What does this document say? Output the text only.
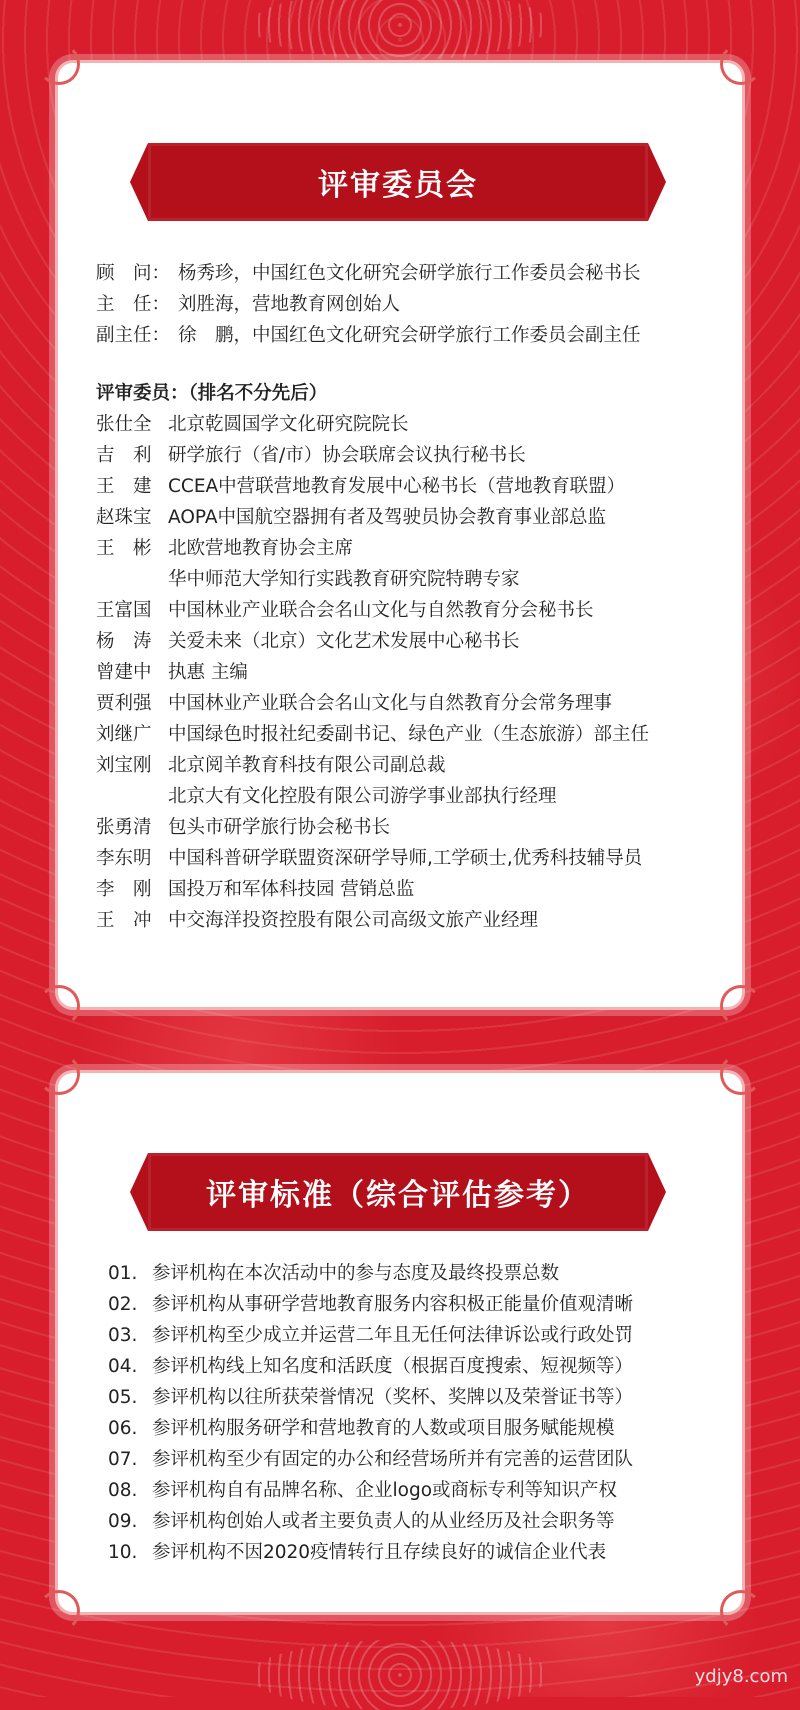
评审委员会
顾　问： 杨秀珍，中国红色文化研究会研学旅行工作委员会秘书长
主　任： 刘胜海，营地教育网创始人
副主任： 徐　鹏，中国红色文化研究会研学旅行工作委员会副主任
评审委员：（排名不分先后）
张仕全 北京乾圆国学文化研究院院长
吉　利 研学旅行（省/市）协会联席会议执行秘书长
王　建 CCEA中营联营地教育发展中心秘书长（营地教育联盟）
赵珠宝 AOPA中国航空器拥有者及驾驶员协会教育事业部总监
王　彬 北欧营地教育协会主席
华中师范大学知行实践教育研究院特聘专家
王富国 中国林业产业联合会名山文化与自然教育分会秘书长
杨　涛 关爱未来（北京）文化艺术发展中心秘书长
曾建中 执惠 主编
贾利强 中国林业产业联合会名山文化与自然教育分会常务理事
刘继广 中国绿色时报社纪委副书记、绿色产业（生态旅游）部主任
刘宝刚 北京阅羊教育科技有限公司副总裁
北京大有文化控股有限公司游学事业部执行经理
张勇清 包头市研学旅行协会秘书长
李东明 中国科普研学联盟资深研学导师,工学硕士,优秀科技辅导员
李　刚 国投万和军体科技园 营销总监
王　冲 中交海洋投资控股有限公司高级文旅产业经理
评审标准（综合评估参考）
01. 参评机构在本次活动中的参与态度及最终投票总数
02. 参评机构从事研学营地教育服务内容积极正能量价值观清晰
03. 参评机构至少成立并运营二年且无任何法律诉讼或行政处罚
04. 参评机构线上知名度和活跃度（根据百度搜索、短视频等）
05. 参评机构以往所获荣誉情况（奖杯、奖牌以及荣誉证书等）
06. 参评机构服务研学和营地教育的人数或项目服务赋能规模
07. 参评机构至少有固定的办公和经营场所并有完善的运营团队
08. 参评机构自有品牌名称、企业logo或商标专利等知识产权
09. 参评机构创始人或者主要负责人的从业经历及社会职务等
10. 参评机构不因2020疫情转行且存续良好的诚信企业代表
ydjy8.com
